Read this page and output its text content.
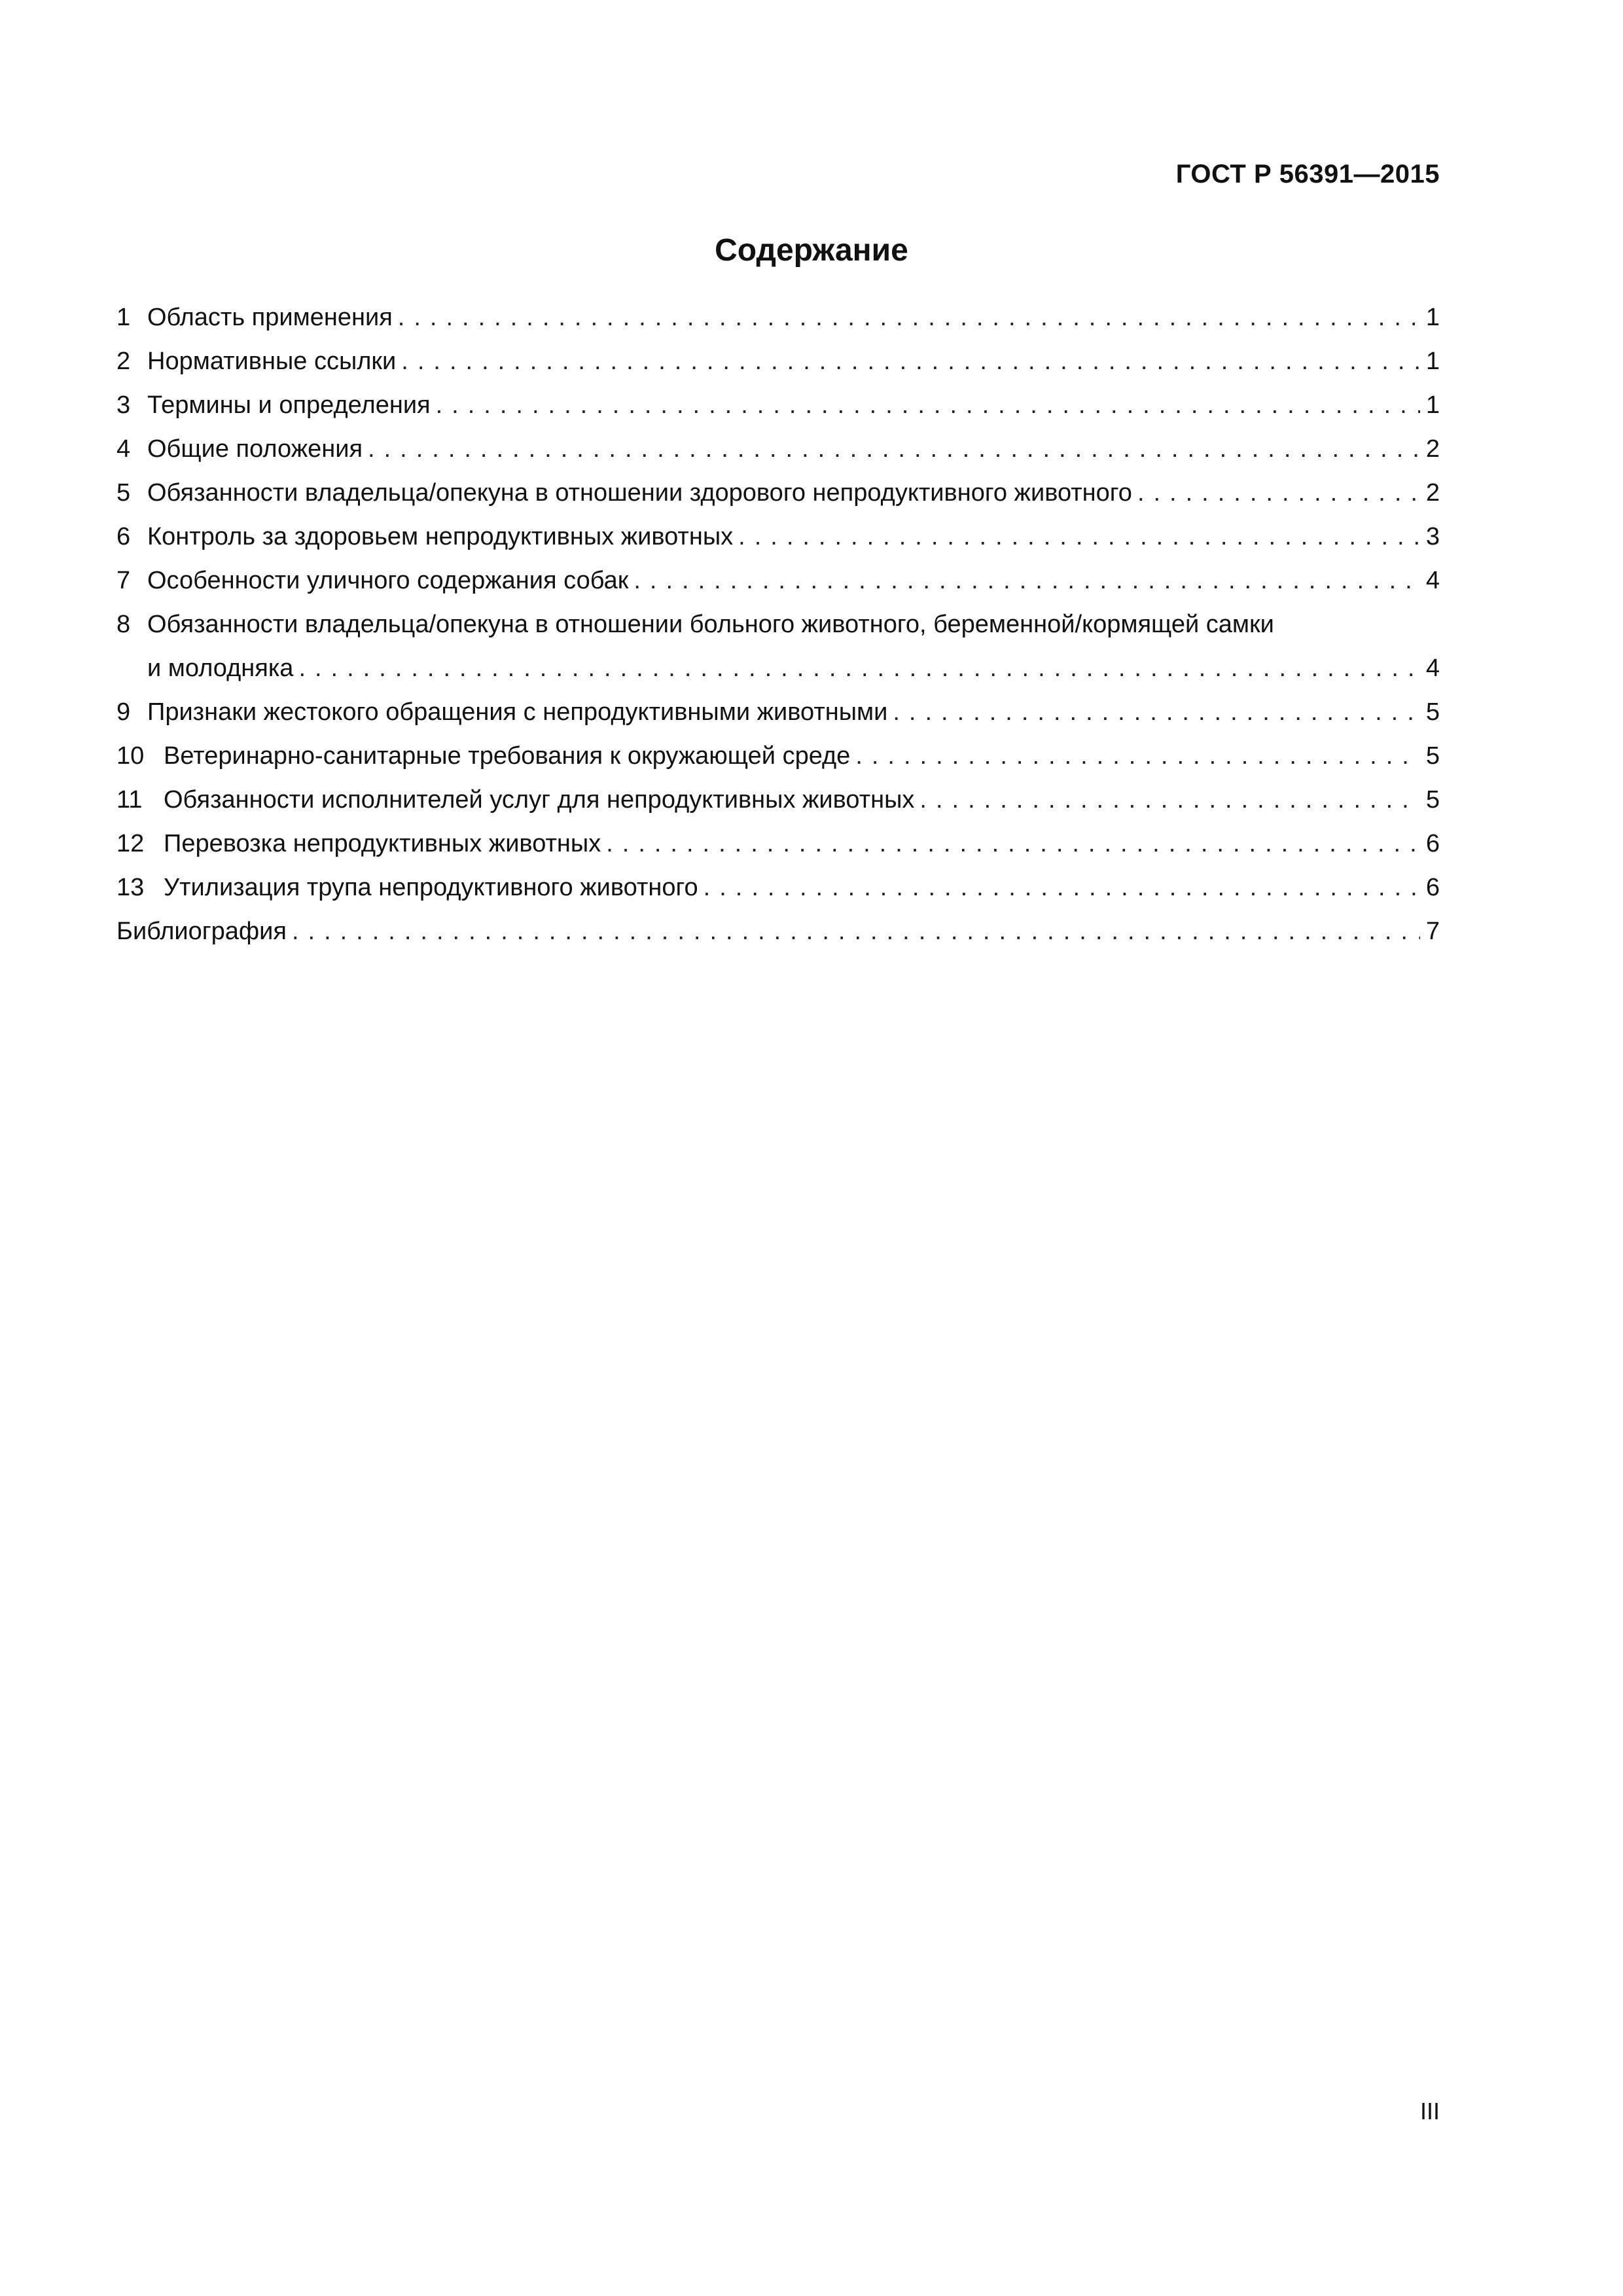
ГОСТ Р 56391—2015
Содержание
1 Область применения .....	1
2 Нормативные ссылки .....	1
3 Термины и определения .....	1
4 Общие положения .....	2
5 Обязанности владельца/опекуна в отношении здорового непродуктивного животного .....	2
6 Контроль за здоровьем непродуктивных животных .....	3
7 Особенности уличного содержания собак .....	4
8 Обязанности владельца/опекуна в отношении больного животного, беременной/кормящей самки
и молодняка .....	4
9 Признаки жестокого обращения с непродуктивными животными .....	5
10 Ветеринарно-санитарные требования к окружающей среде .....	5
11 Обязанности исполнителей услуг для непродуктивных животных .....	5
12 Перевозка непродуктивных животных .....	6
13 Утилизация трупа непродуктивного животного .....	6
Библиография .....	7
III
